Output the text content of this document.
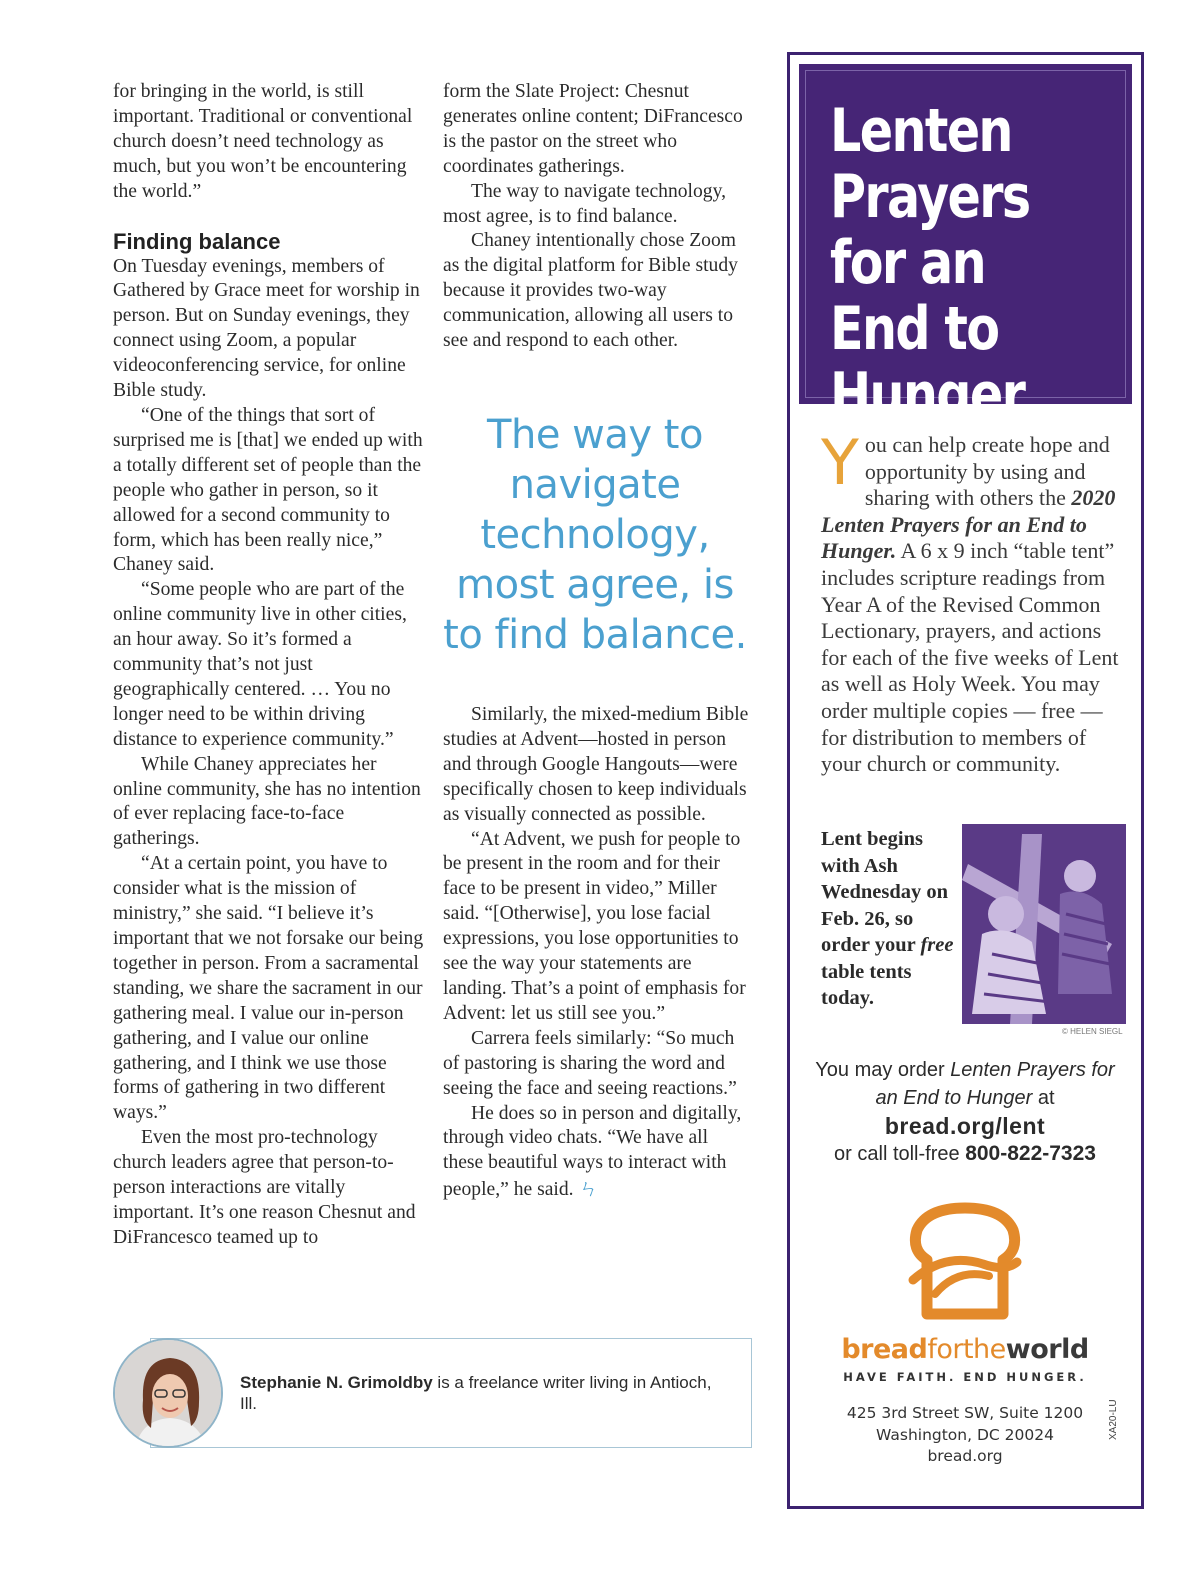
for bringing in the world, is still important. Traditional or conventional church doesn’t need technology as much, but you won’t be encountering the world.”

Finding balance

On Tuesday evenings, members of Gathered by Grace meet for worship in person. But on Sunday evenings, they connect using Zoom, a popular videoconferencing service, for online Bible study.

“One of the things that sort of surprised me is [that] we ended up with a totally different set of people than the people who gather in person, so it allowed for a second community to form, which has been really nice,” Chaney said.

“Some people who are part of the online community live in other cities, an hour away. So it’s formed a community that’s not just geographically centered. … You no longer need to be within driving distance to experience community.”

While Chaney appreciates her online community, she has no intention of ever replacing face-to-face gatherings.

“At a certain point, you have to consider what is the mission of ministry,” she said. “I believe it’s important that we not forsake our being together in person. From a sacramental standing, we share the sacrament in our gathering meal. I value our in-person gathering, and I value our online gathering, and I think we use those forms of gathering in two different ways.”

Even the most pro-technology church leaders agree that person-to-person interactions are vitally important. It’s one reason Chesnut and DiFrancesco teamed up to

form the Slate Project: Chesnut generates online content; DiFrancesco is the pastor on the street who coordinates gatherings.

The way to navigate technology, most agree, is to find balance.

Chaney intentionally chose Zoom as the digital platform for Bible study because it provides two-way communication, allowing all users to see and respond to each other.

The way to navigate technology, most agree, is to find balance.

Similarly, the mixed-medium Bible studies at Advent—hosted in person and through Google Hangouts—were specifically chosen to keep individuals as visually connected as possible.

“At Advent, we push for people to be present in the room and for their face to be present in video,” Miller said. “[Otherwise], you lose facial expressions, you lose opportunities to see the way your statements are landing. That’s a point of emphasis for Advent: let us still see you.”

Carrera feels similarly: “So much of pastoring is sharing the word and seeing the face and seeing reactions.”

He does so in person and digitally, through video chats. “We have all these beautiful ways to interact with people,” he said. ㄣ

Stephanie N. Grimoldby is a freelance writer living in Antioch, Ill.
Lenten Prayers for an End to Hunger
You can help create hope and opportunity by using and sharing with others the 2020 Lenten Prayers for an End to Hunger. A 6 x 9 inch “table tent” includes scripture readings from Year A of the Revised Common Lectionary, prayers, and actions for each of the five weeks of Lent as well as Holy Week. You may order multiple copies — free — for distribution to members of your church or community.
Lent begins with Ash Wednesday on Feb. 26, so order your free table tents today.
© HELEN SIEGL
You may order Lenten Prayers for an End to Hunger at
bread.org/lent
or call toll-free 800-822-7323
breadfortheworld
HAVE FAITH. END HUNGER.
425 3rd Street SW, Suite 1200
Washington, DC 20024
bread.org
XA20-LU
